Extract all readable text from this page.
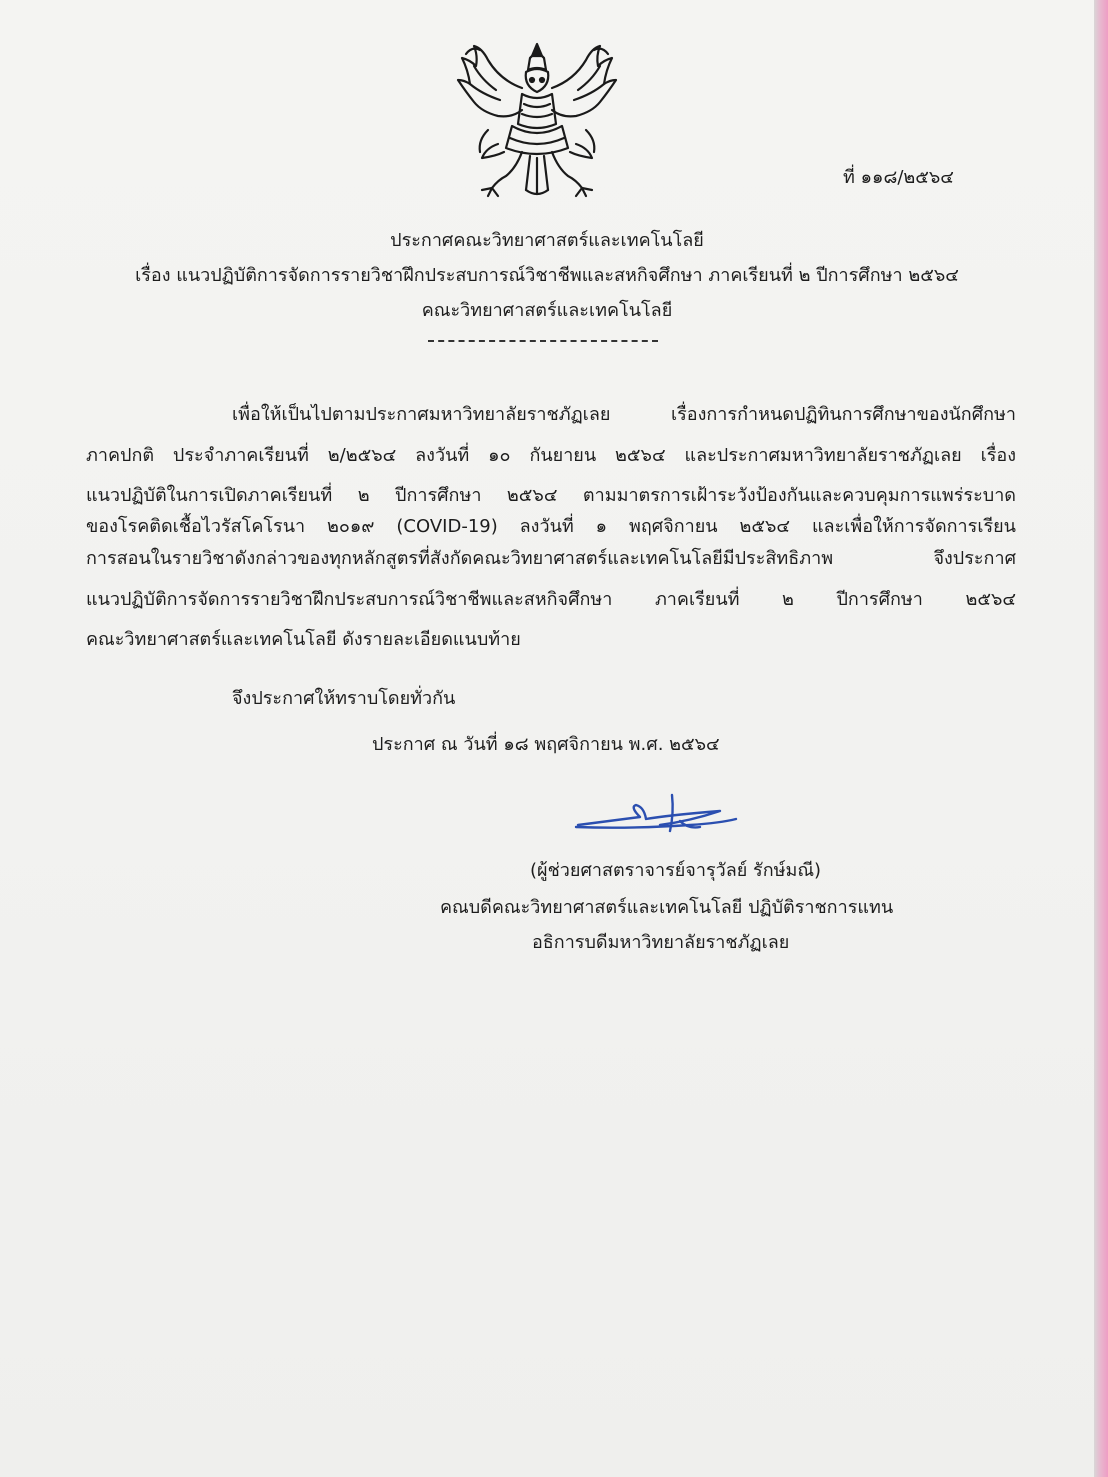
ที่ ๑๑๘/๒๕๖๔
ประกาศคณะวิทยาศาสตร์และเทคโนโลยี
เรื่อง แนวปฏิบัติการจัดการรายวิชาฝึกประสบการณ์วิชาชีพและสหกิจศึกษา ภาคเรียนที่ ๒ ปีการศึกษา ๒๕๖๔
คณะวิทยาศาสตร์และเทคโนโลยี
เพื่อให้เป็นไปตามประกาศมหาวิทยาลัยราชภัฏเลย เรื่องการกำหนดปฏิทินการศึกษาของนักศึกษา
ภาคปกติ ประจำภาคเรียนที่ ๒/๒๕๖๔ ลงวันที่ ๑๐ กันยายน ๒๕๖๔ และประกาศมหาวิทยาลัยราชภัฏเลย เรื่อง
แนวปฏิบัติในการเปิดภาคเรียนที่ ๒ ปีการศึกษา ๒๕๖๔ ตามมาตรการเฝ้าระวังป้องกันและควบคุมการแพร่ระบาด
ของโรคติดเชื้อไวรัสโคโรนา ๒๐๑๙ (COVID-19) ลงวันที่ ๑ พฤศจิกายน ๒๕๖๔ และเพื่อให้การจัดการเรียน
การสอนในรายวิชาดังกล่าวของทุกหลักสูตรที่สังกัดคณะวิทยาศาสตร์และเทคโนโลยีมีประสิทธิภาพ จึงประกาศ
แนวปฏิบัติการจัดการรายวิชาฝึกประสบการณ์วิชาชีพและสหกิจศึกษา ภาคเรียนที่ ๒ ปีการศึกษา ๒๕๖๔
คณะวิทยาศาสตร์และเทคโนโลยี ดังรายละเอียดแนบท้าย
จึงประกาศให้ทราบโดยทั่วกัน
ประกาศ ณ วันที่ ๑๘ พฤศจิกายน พ.ศ. ๒๕๖๔
(ผู้ช่วยศาสตราจารย์จารุวัลย์ รักษ์มณี)
คณบดีคณะวิทยาศาสตร์และเทคโนโลยี ปฏิบัติราชการแทน
อธิการบดีมหาวิทยาลัยราชภัฏเลย
